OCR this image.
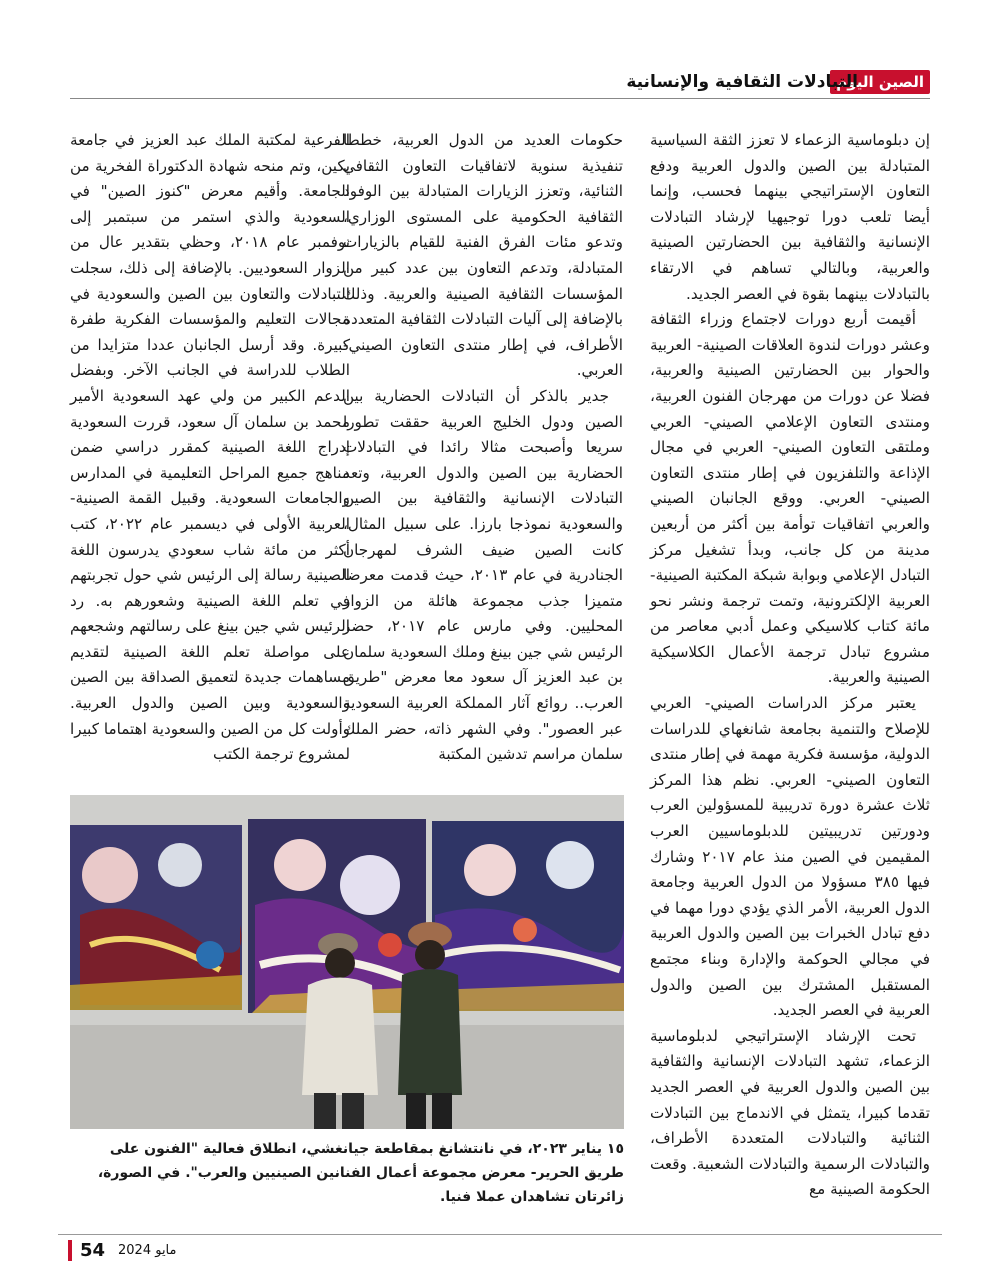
الصين اليوم
التبادلات الثقافية والإنسانية

إن دبلوماسية الزعماء لا تعزز الثقة السياسية المتبادلة بين الصين والدول العربية ودفع التعاون الإستراتيجي بينهما فحسب، وإنما أيضا تلعب دورا توجيهيا لإرشاد التبادلات الإنسانية والثقافية بين الحضارتين الصينية والعربية، وبالتالي تساهم في الارتقاء بالتبادلات بينهما بقوة في العصر الجديد.

أقيمت أربع دورات لاجتماع وزراء الثقافة وعشر دورات لندوة العلاقات الصينية- العربية والحوار بين الحضارتين الصينية والعربية، فضلا عن دورات من مهرجان الفنون العربية، ومنتدى التعاون الإعلامي الصيني- العربي وملتقى التعاون الصيني- العربي في مجال الإذاعة والتلفزيون في إطار منتدى التعاون الصيني- العربي. ووقع الجانبان الصيني والعربي اتفاقيات توأمة بين أكثر من أربعين مدينة من كل جانب، وبدأ تشغيل مركز التبادل الإعلامي وبوابة شبكة المكتبة الصينية- العربية الإلكترونية، وتمت ترجمة ونشر نحو مائة كتاب كلاسيكي وعمل أدبي معاصر من مشروع تبادل ترجمة الأعمال الكلاسيكية الصينية والعربية.

يعتبر مركز الدراسات الصيني- العربي للإصلاح والتنمية بجامعة شانغهاي للدراسات الدولية، مؤسسة فكرية مهمة في إطار منتدى التعاون الصيني- العربي. نظم هذا المركز ثلاث عشرة دورة تدريبية للمسؤولين العرب ودورتين تدريبيتين للدبلوماسيين العرب المقيمين في الصين منذ عام ٢٠١٧ وشارك فيها ٣٨٥ مسؤولا من الدول العربية وجامعة الدول العربية، الأمر الذي يؤدي دورا مهما في دفع تبادل الخبرات بين الصين والدول العربية في مجالي الحوكمة والإدارة وبناء مجتمع المستقبل المشترك بين الصين والدول العربية في العصر الجديد.

تحت الإرشاد الإستراتيجي لدبلوماسية الزعماء، تشهد التبادلات الإنسانية والثقافية بين الصين والدول العربية في العصر الجديد تقدما كبيرا، يتمثل في الاندماج بين التبادلات الثنائية والتبادلات المتعددة الأطراف، والتبادلات الرسمية والتبادلات الشعبية. وقعت الحكومة الصينية مع

حكومات العديد من الدول العربية، خططا تنفيذية سنوية لاتفاقيات التعاون الثقافي الثنائية، وتعزز الزيارات المتبادلة بين الوفود الثقافية الحكومية على المستوى الوزاري، وتدعو مئات الفرق الفنية للقيام بالزيارات المتبادلة، وتدعم التعاون بين عدد كبير من المؤسسات الثقافية الصينية والعربية. وذلك بالإضافة إلى آليات التبادلات الثقافية المتعددة الأطراف، في إطار منتدى التعاون الصيني- العربي.

جدير بالذكر أن التبادلات الحضارية بين الصين ودول الخليج العربية حققت تطورا سريعا وأصبحت مثالا رائدا في التبادلات الحضارية بين الصين والدول العربية، وتعد التبادلات الإنسانية والثقافية بين الصين والسعودية نموذجا بارزا. على سبيل المثال، كانت الصين ضيف الشرف لمهرجان الجنادرية في عام ٢٠١٣، حيث قدمت معرضا متميزا جذب مجموعة هائلة من الزوار المحليين. وفي مارس عام ٢٠١٧، حضر الرئيس شي جين بينغ وملك السعودية سلمان بن عبد العزيز آل سعود معا معرض "طريق العرب.. روائع آثار المملكة العربية السعودية عبر العصور". وفي الشهر ذاته، حضر الملك سلمان مراسم تدشين المكتبة

الفرعية لمكتبة الملك عبد العزيز في جامعة بكين، وتم منحه شهادة الدكتوراة الفخرية من الجامعة. وأقيم معرض "كنوز الصين" في السعودية والذي استمر من سبتمبر إلى نوفمبر عام ٢٠١٨، وحظي بتقدير عال من الزوار السعوديين. بالإضافة إلى ذلك، سجلت التبادلات والتعاون بين الصين والسعودية في مجالات التعليم والمؤسسات الفكرية طفرة كبيرة. وقد أرسل الجانبان عددا متزايدا من الطلاب للدراسة في الجانب الآخر. وبفضل الدعم الكبير من ولي عهد السعودية الأمير محمد بن سلمان آل سعود، قررت السعودية إدراج اللغة الصينية كمقرر دراسي ضمن مناهج جميع المراحل التعليمية في المدارس والجامعات السعودية. وقبيل القمة الصينية- العربية الأولى في ديسمبر عام ٢٠٢٢، كتب أكثر من مائة شاب سعودي يدرسون اللغة الصينية رسالة إلى الرئيس شي حول تجربتهم في تعلم اللغة الصينية وشعورهم به. رد الرئيس شي جين بينغ على رسالتهم وشجعهم على مواصلة تعلم اللغة الصينية لتقديم مساهمات جديدة لتعميق الصداقة بين الصين والسعودية وبين الصين والدول العربية. وأولت كل من الصين والسعودية اهتماما كبيرا لمشروع ترجمة الكتب

١٥ يناير ٢٠٢٣، في نانتشانغ بمقاطعة جيانغشي، انطلاق فعالية "الفنون على طريق الحرير- معرض مجموعة أعمال الفنانين الصينيين والعرب". في الصورة، زائرتان تشاهدان عملا فنيا.
54 مايو 2024
